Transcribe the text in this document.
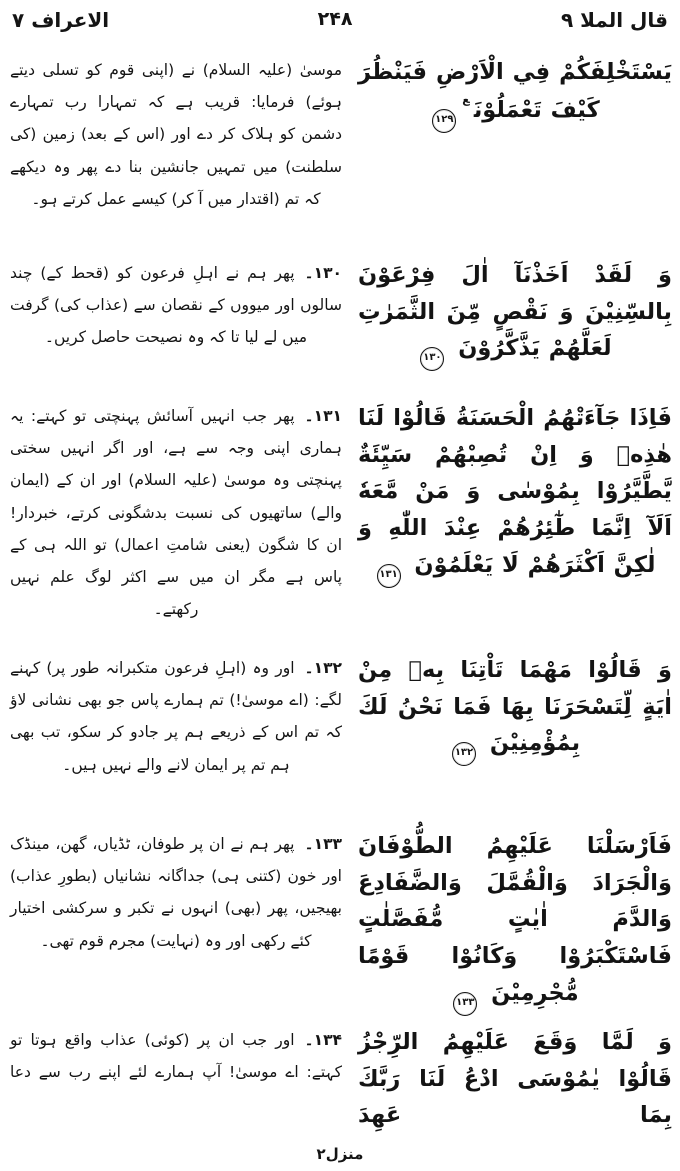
قال الملا ۹
۲۴۸
الاعراف ۷

يَسْتَخْلِفَكُمْ فِي الْاَرْضِ فَيَنْظُرَ كَيْفَ تَعْمَلُوْنَ$^ع$۱۲۹

موسیٰ (علیہ السلام) نے (اپنی قوم کو تسلی دیتے ہوئے) فرمایا: قریب ہے کہ تمہارا رب تمہارے دشمن کو ہلاک کر دے اور (اس کے بعد) زمین (کی سلطنت) میں تمہیں جانشین بنا دے پھر وہ دیکھے کہ تم (اقتدار میں آ کر) کیسے عمل کرتے ہو۔

وَ لَقَدْ اَخَذْنَآ اٰلَ فِرْعَوْنَ بِالسِّنِيْنَ وَ نَقْصٍ مِّنَ الثَّمَرٰتِ لَعَلَّهُمْ يَذَّكَّرُوْنَ ۱۳۰

۱۳۰۔پھر ہم نے اہلِ فرعون کو (قحط کے) چند سالوں اور میووں کے نقصان سے (عذاب کی) گرفت میں لے لیا تا کہ وہ نصیحت حاصل کریں۔

فَاِذَا جَآءَتْهُمُ الْحَسَنَةُ قَالُوْا لَنَا هٰذِهٖ وَ اِنْ تُصِبْهُمْ سَيِّئَةٌ يَّطَّيَّرُوْا بِمُوْسٰى وَ مَنْ مَّعَهٗ اَلَآ اِنَّمَا طٰٓئِرُهُمْ عِنْدَ اللّٰهِ وَ لٰكِنَّ اَكْثَرَهُمْ لَا يَعْلَمُوْنَ ۱۳۱

۱۳۱۔پھر جب انہیں آسائش پہنچتی تو کہتے: یہ ہماری اپنی وجہ سے ہے، اور اگر انہیں سختی پہنچتی وہ موسیٰ (علیہ السلام) اور ان کے (ایمان والے) ساتھیوں کی نسبت بدشگونی کرتے، خبردار! ان کا شگون (یعنی شامتِ اعمال) تو اللہ ہی کے پاس ہے مگر ان میں سے اکثر لوگ علم نہیں رکھتے۔

وَ قَالُوْا مَهْمَا تَاْتِنَا بِهٖ مِنْ اٰيَةٍ لِّتَسْحَرَنَا بِهَا فَمَا نَحْنُ لَكَ بِمُؤْمِنِيْنَ ۱۳۲

۱۳۲۔اور وہ (اہلِ فرعون متکبرانہ طور پر) کہنے لگے: (اے موسیٰ!) تم ہمارے پاس جو بھی نشانی لاؤ کہ تم اس کے ذریعے ہم پر جادو کر سکو، تب بھی ہم تم پر ایمان لانے والے نہیں ہیں۔

فَاَرْسَلْنَا عَلَيْهِمُ الطُّوْفَانَ وَالْجَرَادَ وَالْقُمَّلَ وَالضَّفَادِعَ وَالدَّمَ اٰيٰتٍ مُّفَصَّلٰتٍ فَاسْتَكْبَرُوْا وَكَانُوْا قَوْمًا مُّجْرِمِيْنَ ۱۳۳

۱۳۳۔پھر ہم نے ان پر طوفان، ٹڈیاں، گھن، مینڈک اور خون (کتنی ہی) جداگانہ نشانیاں (بطورِ عذاب) بھیجیں، پھر (بھی) انہوں نے تکبر و سرکشی اختیار کئے رکھی اور وہ (نہایت) مجرم قوم تھی۔

وَ لَمَّا وَقَعَ عَلَيْهِمُ الرِّجْزُ قَالُوْا يٰمُوْسَى ادْعُ لَنَا رَبَّكَ بِمَا عَهِدَ

۱۳۴۔اور جب ان پر (کوئی) عذاب واقع ہوتا تو کہتے: اے موسیٰ! آپ ہمارے لئے اپنے رب سے دعا

منزل۲
